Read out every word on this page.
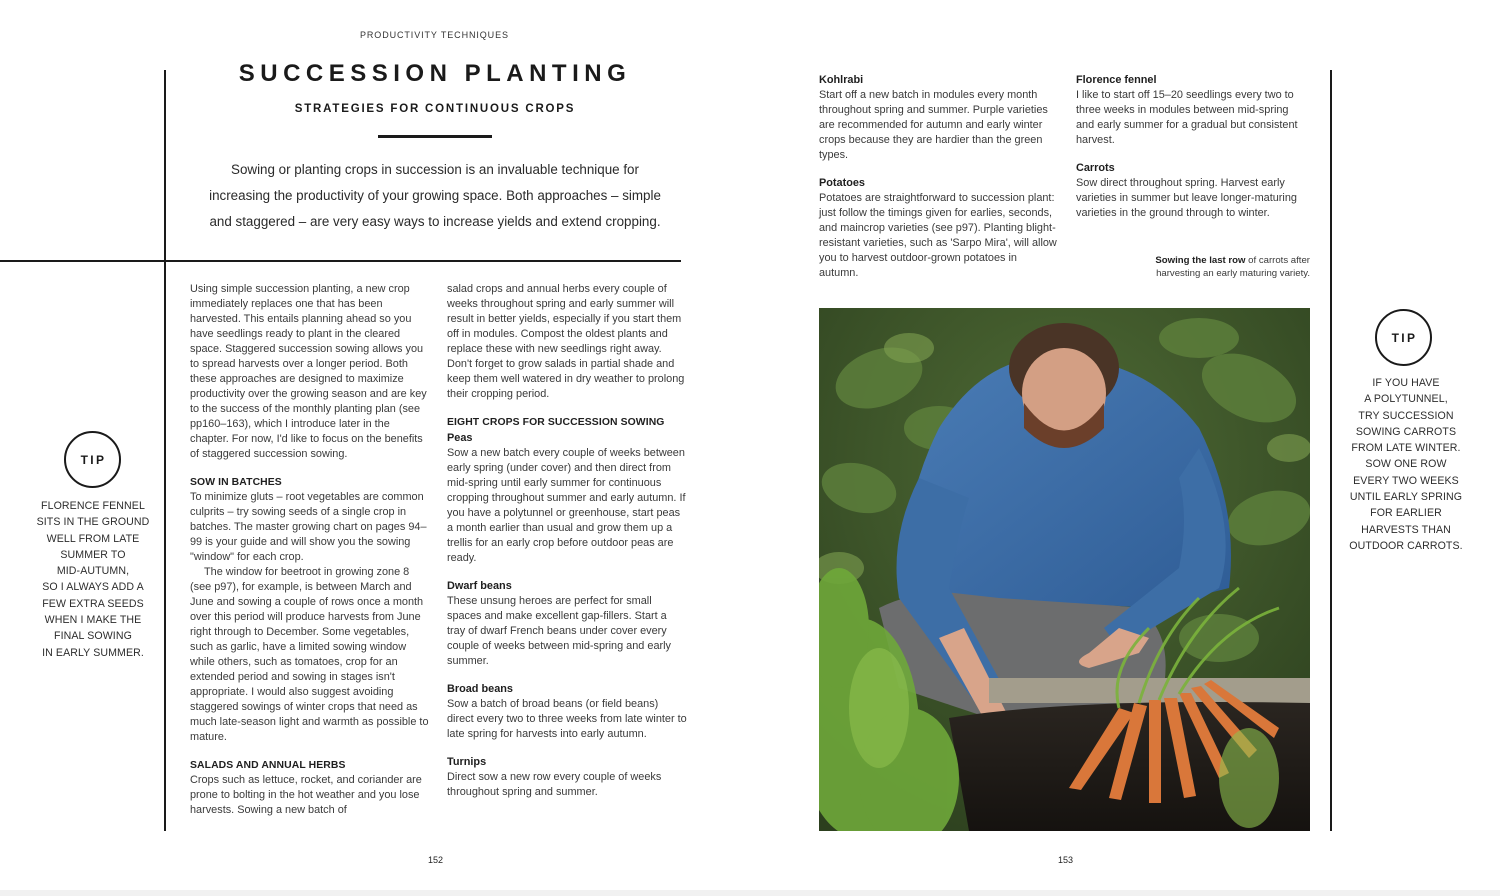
PRODUCTIVITY TECHNIQUES
SUCCESSION PLANTING
STRATEGIES FOR CONTINUOUS CROPS

Sowing or planting crops in succession is an invaluable technique for increasing the productivity of your growing space. Both approaches – simple and staggered – are very easy ways to increase yields and extend cropping.

TIP
FLORENCE FENNEL
SITS IN THE GROUND
WELL FROM LATE
SUMMER TO
MID-AUTUMN,
SO I ALWAYS ADD A
FEW EXTRA SEEDS
WHEN I MAKE THE
FINAL SOWING
IN EARLY SUMMER.

Using simple succession planting, a new crop immediately replaces one that has been harvested. This entails planning ahead so you have seedlings ready to plant in the cleared space. Staggered succession sowing allows you to spread harvests over a longer period. Both these approaches are designed to maximize productivity over the growing season and are key to the success of the monthly planting plan (see pp160–163), which I introduce later in the chapter. For now, I'd like to focus on the benefits of staggered succession sowing.

SOW IN BATCHES

To minimize gluts – root vegetables are common culprits – try sowing seeds of a single crop in batches. The master growing chart on pages 94–99 is your guide and will show you the sowing "window" for each crop.

The window for beetroot in growing zone 8 (see p97), for example, is between March and June and sowing a couple of rows once a month over this period will produce harvests from June right through to December. Some vegetables, such as garlic, have a limited sowing window while others, such as tomatoes, crop for an extended period and sowing in stages isn't appropriate. I would also suggest avoiding staggered sowings of winter crops that need as much late-season light and warmth as possible to mature.

SALADS AND ANNUAL HERBS

Crops such as lettuce, rocket, and coriander are prone to bolting in the hot weather and you lose harvests. Sowing a new batch of

salad crops and annual herbs every couple of weeks throughout spring and early summer will result in better yields, especially if you start them off in modules. Compost the oldest plants and replace these with new seedlings right away. Don't forget to grow salads in partial shade and keep them well watered in dry weather to prolong their cropping period.

EIGHT CROPS FOR SUCCESSION SOWING

Peas

Sow a new batch every couple of weeks between early spring (under cover) and then direct from mid-spring until early summer for continuous cropping throughout summer and early autumn. If you have a polytunnel or greenhouse, start peas a month earlier than usual and grow them up a trellis for an early crop before outdoor peas are ready.

Dwarf beans

These unsung heroes are perfect for small spaces and make excellent gap-fillers. Start a tray of dwarf French beans under cover every couple of weeks between mid-spring and early summer.

Broad beans

Sow a batch of broad beans (or field beans) direct every two to three weeks from late winter to late spring for harvests into early autumn.

Turnips

Direct sow a new row every couple of weeks throughout spring and summer.

152

Kohlrabi

Start off a new batch in modules every month throughout spring and summer. Purple varieties are recommended for autumn and early winter crops because they are hardier than the green types.

Potatoes

Potatoes are straightforward to succession plant: just follow the timings given for earlies, seconds, and maincrop varieties (see p97). Planting blight-resistant varieties, such as 'Sarpo Mira', will allow you to harvest outdoor-grown potatoes in autumn.

Florence fennel

I like to start off 15–20 seedlings every two to three weeks in modules between mid-spring and early summer for a gradual but consistent harvest.

Carrots

Sow direct throughout spring. Harvest early varieties in summer but leave longer-maturing varieties in the ground through to winter.

Sowing the last row of carrots after harvesting an early maturing variety.
TIP
IF YOU HAVE
A POLYTUNNEL,
TRY SUCCESSION
SOWING CARROTS
FROM LATE WINTER.
SOW ONE ROW
EVERY TWO WEEKS
UNTIL EARLY SPRING
FOR EARLIER
HARVESTS THAN
OUTDOOR CARROTS.
153
